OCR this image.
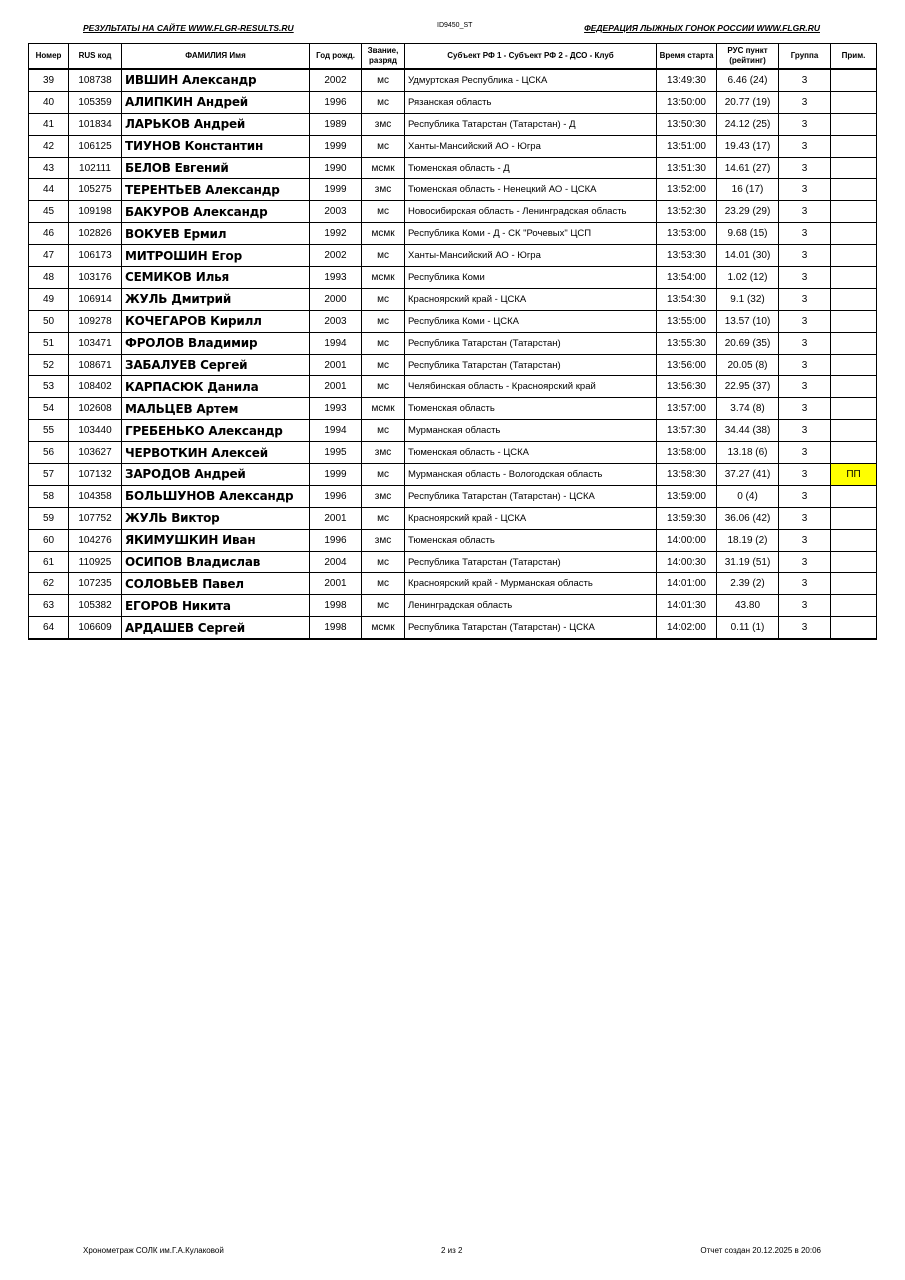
РЕЗУЛЬТАТЫ НА САЙТЕ WWW.FLGR-RESULTS.RU	ID9450_ST	ФЕДЕРАЦИЯ ЛЫЖНЫХ ГОНОК РОССИИ WWW.FLGR.RU
Номер	RUS код	ФАМИЛИЯ Имя	Год рожд.	Звание, разряд	Субъект РФ 1 - Субъект РФ 2 - ДСО - Клуб	Время старта	РУС пункт (рейтинг)	Группа	Прим.
39	108738	ИВШИН Александр	2002	мс	Удмуртская Республика - ЦСКА	13:49:30	6.46 (24)	3	
40	105359	АЛИПКИН Андрей	1996	мс	Рязанская область	13:50:00	20.77 (19)	3	
41	101834	ЛАРЬКОВ Андрей	1989	змс	Республика Татарстан (Татарстан) - Д	13:50:30	24.12 (25)	3	
42	106125	ТИУНОВ Константин	1999	мс	Ханты-Мансийский АО - Югра	13:51:00	19.43 (17)	3	
43	102111	БЕЛОВ Евгений	1990	мсмк	Тюменская область - Д	13:51:30	14.61 (27)	3	
44	105275	ТЕРЕНТЬЕВ Александр	1999	змс	Тюменская область - Ненецкий АО - ЦСКА	13:52:00	16 (17)	3	
45	109198	БАКУРОВ Александр	2003	мс	Новосибирская область - Ленинградская область	13:52:30	23.29 (29)	3	
46	102826	ВОКУЕВ Ермил	1992	мсмк	Республика Коми - Д - СК "Рочевых" ЦСП	13:53:00	9.68 (15)	3	
47	106173	МИТРОШИН Егор	2002	мс	Ханты-Мансийский АО - Югра	13:53:30	14.01 (30)	3	
48	103176	СЕМИКОВ Илья	1993	мсмк	Республика Коми	13:54:00	1.02 (12)	3	
49	106914	ЖУЛЬ Дмитрий	2000	мс	Красноярский край - ЦСКА	13:54:30	9.1 (32)	3	
50	109278	КОЧЕГАРОВ Кирилл	2003	мс	Республика Коми - ЦСКА	13:55:00	13.57 (10)	3	
51	103471	ФРОЛОВ Владимир	1994	мс	Республика Татарстан (Татарстан)	13:55:30	20.69 (35)	3	
52	108671	ЗАБАЛУЕВ Сергей	2001	мс	Республика Татарстан (Татарстан)	13:56:00	20.05 (8)	3	
53	108402	КАРПАСЮК Данила	2001	мс	Челябинская область - Красноярский край	13:56:30	22.95 (37)	3	
54	102608	МАЛЬЦЕВ Артем	1993	мсмк	Тюменская область	13:57:00	3.74 (8)	3	
55	103440	ГРЕБЕНЬКО Александр	1994	мс	Мурманская область	13:57:30	34.44 (38)	3	
56	103627	ЧЕРВОТКИН Алексей	1995	змс	Тюменская область - ЦСКА	13:58:00	13.18 (6)	3	
57	107132	ЗАРОДОВ Андрей	1999	мс	Мурманская область - Вологодская область	13:58:30	37.27 (41)	3	ПП
58	104358	БОЛЬШУНОВ Александр	1996	змс	Республика Татарстан (Татарстан) - ЦСКА	13:59:00	0 (4)	3	
59	107752	ЖУЛЬ Виктор	2001	мс	Красноярский край - ЦСКА	13:59:30	36.06 (42)	3	
60	104276	ЯКИМУШКИН Иван	1996	змс	Тюменская область	14:00:00	18.19 (2)	3	
61	110925	ОСИПОВ Владислав	2004	мс	Республика Татарстан (Татарстан)	14:00:30	31.19 (51)	3	
62	107235	СОЛОВЬЕВ Павел	2001	мс	Красноярский край - Мурманская область	14:01:00	2.39 (2)	3	
63	105382	ЕГОРОВ Никита	1998	мс	Ленинградская область	14:01:30	43.80	3	
64	106609	АРДАШЕВ Сергей	1998	мсмк	Республика Татарстан (Татарстан) - ЦСКА	14:02:00	0.11 (1)	3	
Хронометраж СОЛК им.Г.А.Кулаковой	2 из 2	Отчет создан 20.12.2025 в 20:06
